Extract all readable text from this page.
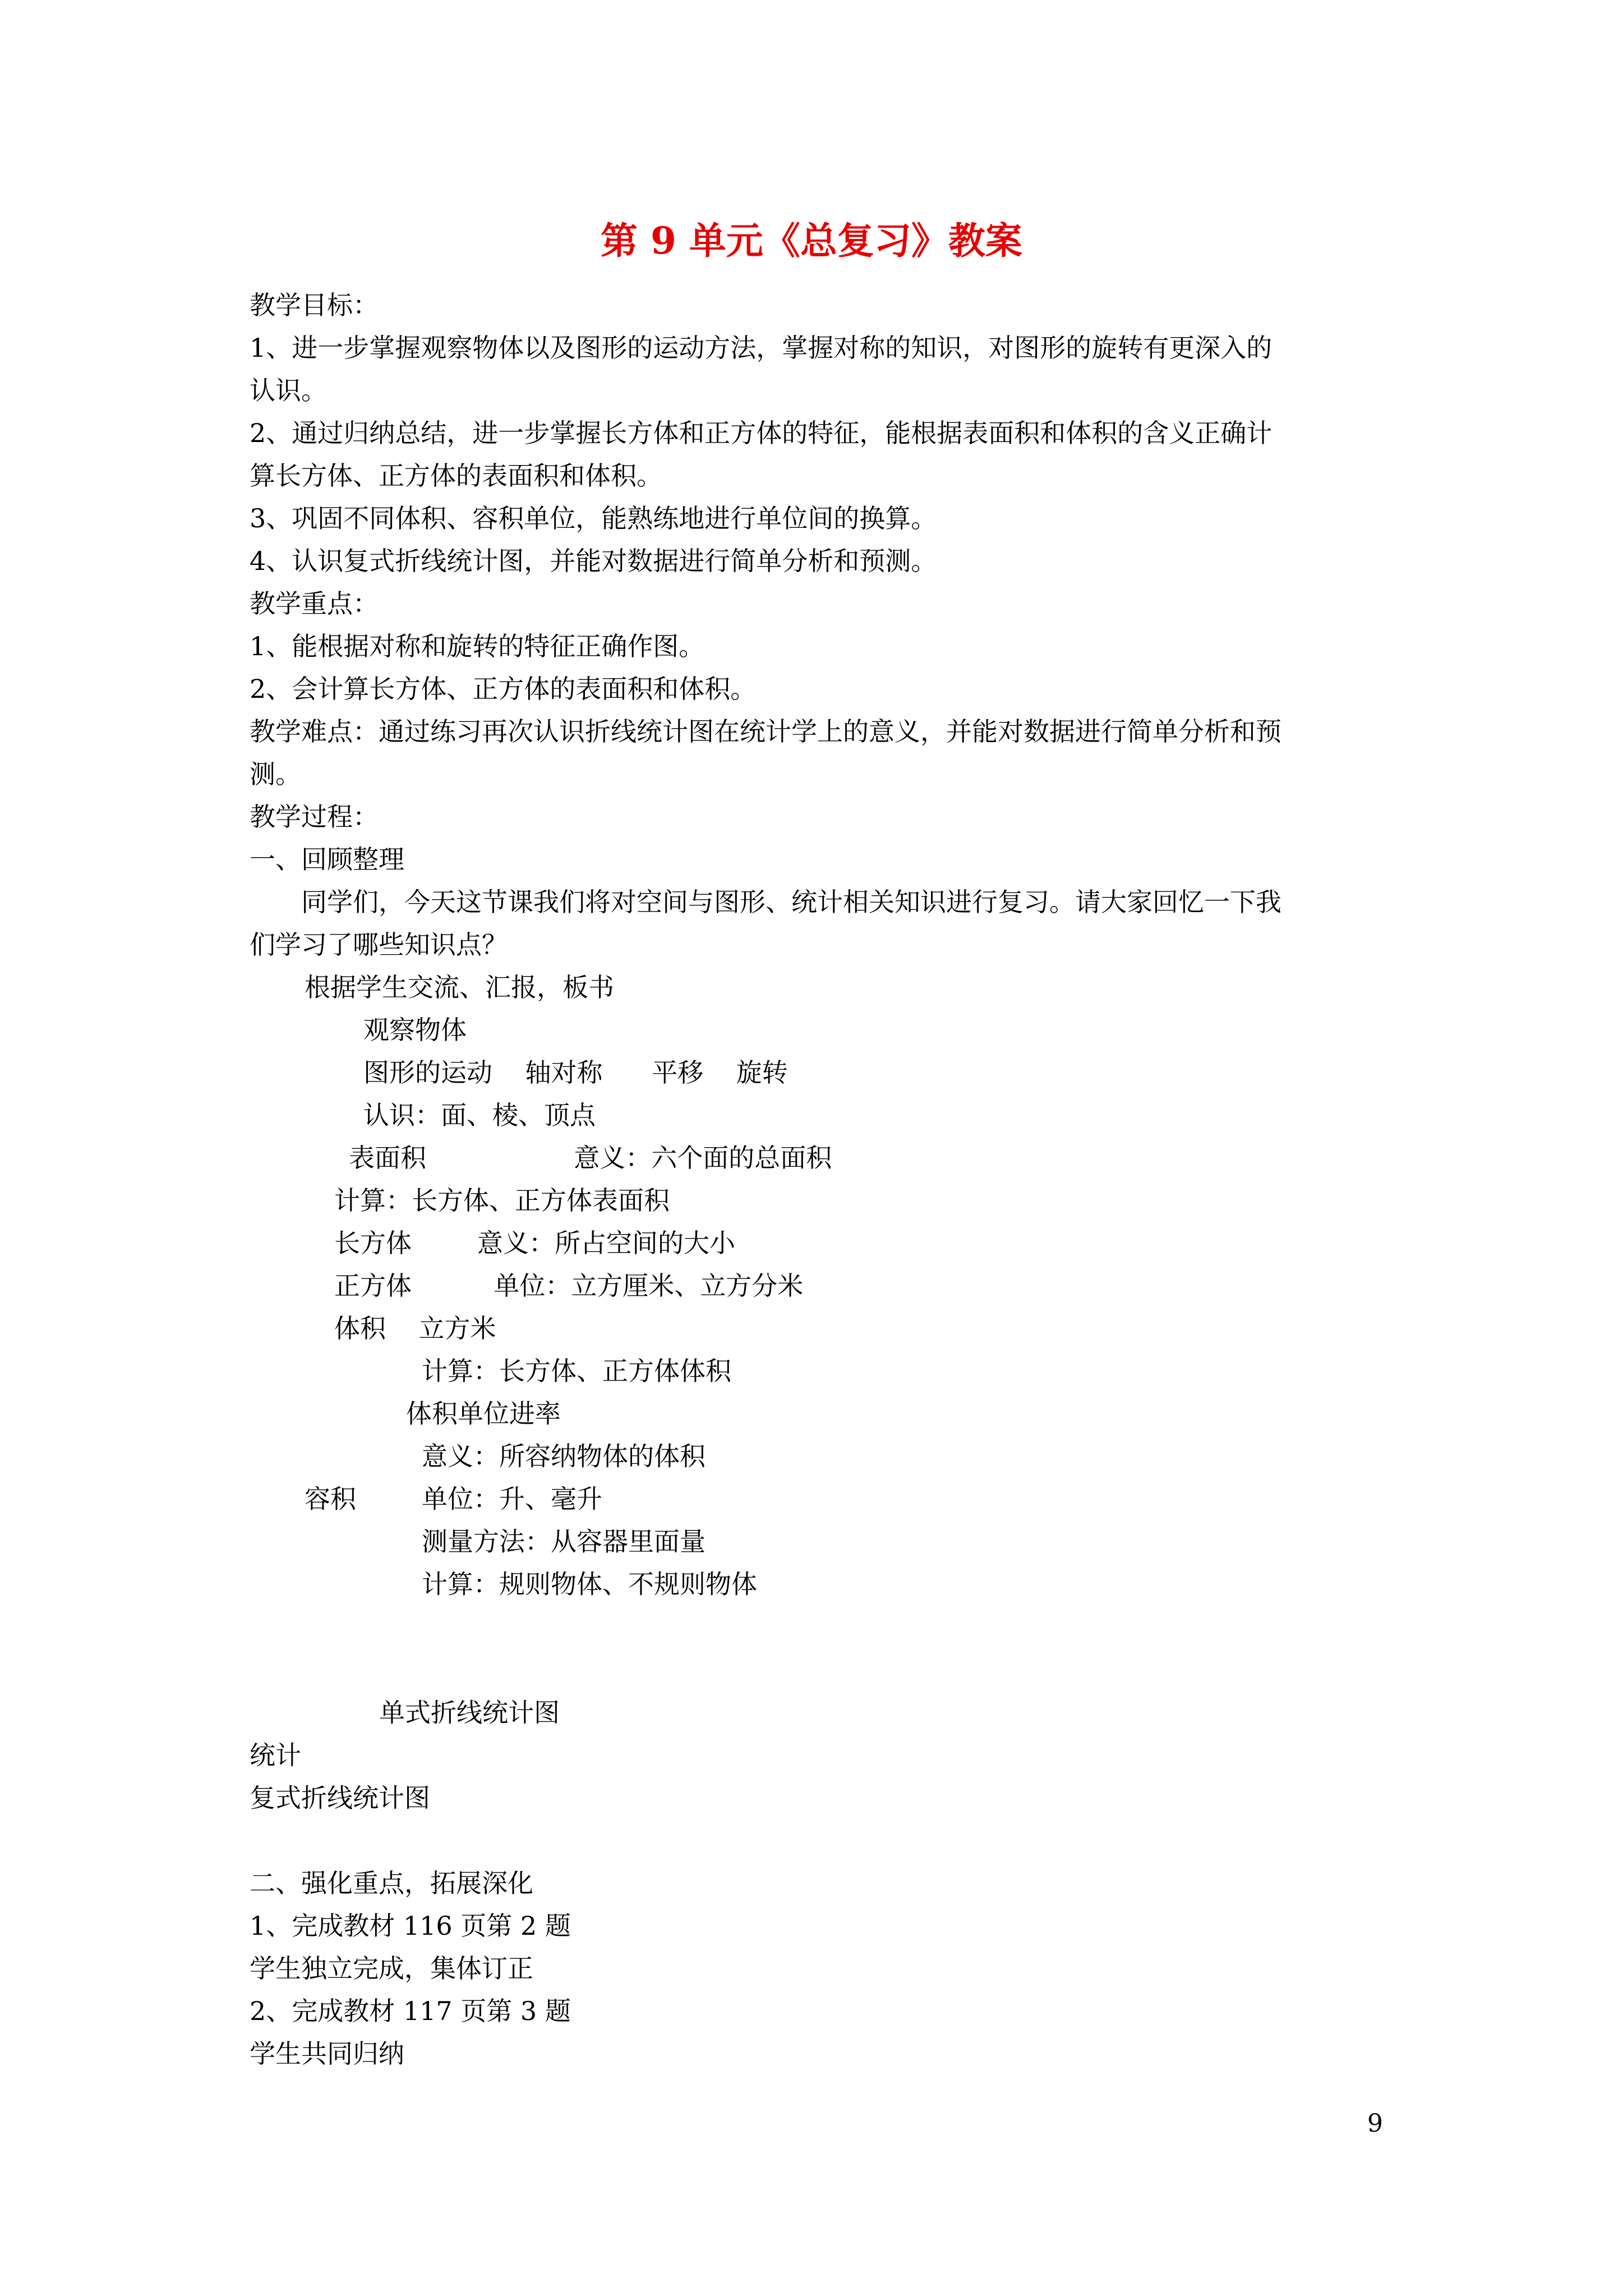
第 9 单元《总复习》教案
教学目标：
1、进一步掌握观察物体以及图形的运动方法，掌握对称的知识，对图形的旋转有更深入的
认识。
2、通过归纳总结，进一步掌握长方体和正方体的特征，能根据表面积和体积的含义正确计
算长方体、正方体的表面积和体积。
3、巩固不同体积、容积单位，能熟练地进行单位间的换算。
4、认识复式折线统计图，并能对数据进行简单分析和预测。
教学重点：
1、能根据对称和旋转的特征正确作图。
2、会计算长方体、正方体的表面积和体积。
教学难点：通过练习再次认识折线统计图在统计学上的意义，并能对数据进行简单分析和预
测。
教学过程：
一、回顾整理
同学们，今天这节课我们将对空间与图形、统计相关知识进行复习。请大家回忆一下我
们学习了哪些知识点？
根据学生交流、汇报，板书
观察物体
图形的运动    轴对称      平移    旋转
认识：面、棱、顶点
表面积                  意义：六个面的总面积
计算：长方体、正方体表面积
长方体        意义：所占空间的大小
正方体          单位：立方厘米、立方分米
体积    立方米
计算：长方体、正方体体积
体积单位进率
意义：所容纳物体的体积
容积        单位：升、毫升
测量方法：从容器里面量
计算：规则物体、不规则物体
单式折线统计图
统计
复式折线统计图
二、强化重点，拓展深化
1、完成教材 116 页第 2 题
学生独立完成，集体订正
2、完成教材 117 页第 3 题
学生共同归纳
9
